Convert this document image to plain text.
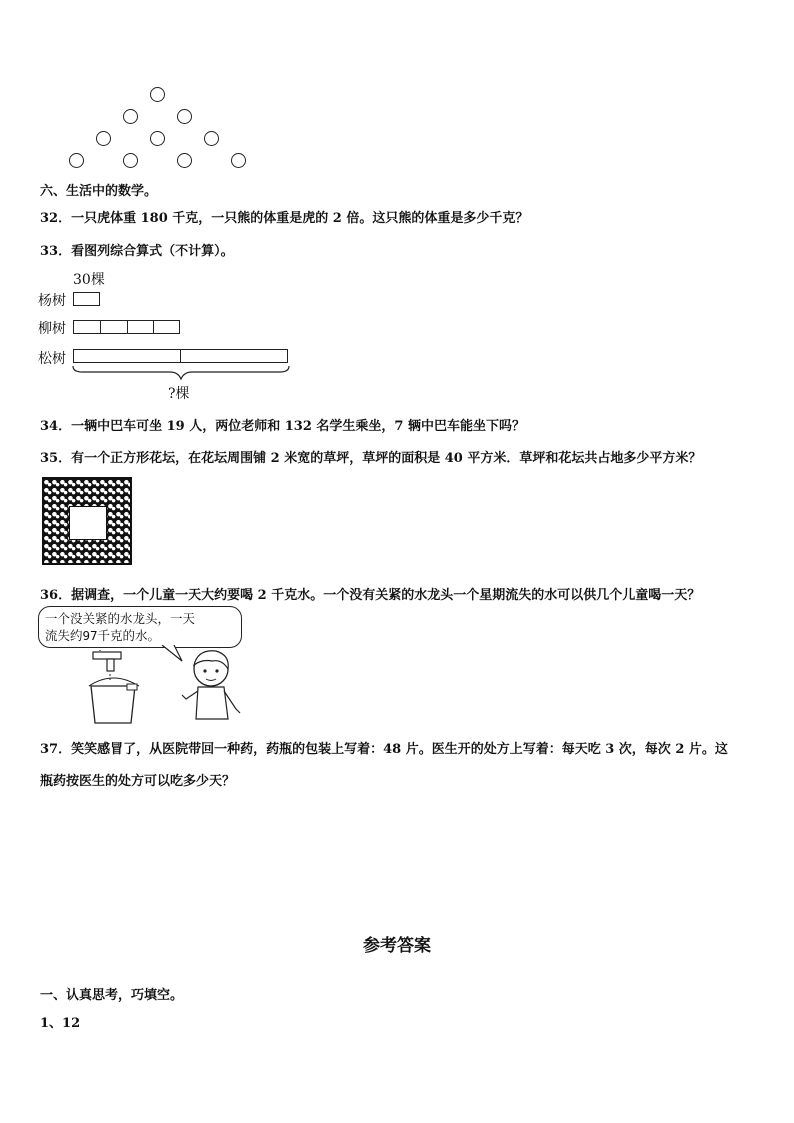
六、生活中的数学。
32．一只虎体重 180 千克，一只熊的体重是虎的 2 倍。这只熊的体重是多少千克？
33．看图列综合算式（不计算）。
30棵
杨树
柳树
松树
?棵
34．一辆中巴车可坐 19 人，两位老师和 132 名学生乘坐，7 辆中巴车能坐下吗？
35．有一个正方形花坛，在花坛周围铺 2 米宽的草坪，草坪的面积是 40 平方米．草坪和花坛共占地多少平方米？
36．据调查，一个儿童一天大约要喝 2 千克水。一个没有关紧的水龙头一个星期流失的水可以供几个儿童喝一天？
一个没关紧的水龙头，一天
流失约97千克的水。
37．笑笑感冒了，从医院带回一种药，药瓶的包装上写着：48 片。医生开的处方上写着：每天吃 3 次，每次 2 片。这
瓶药按医生的处方可以吃多少天？
参考答案
一、认真思考，巧填空。
1、12
